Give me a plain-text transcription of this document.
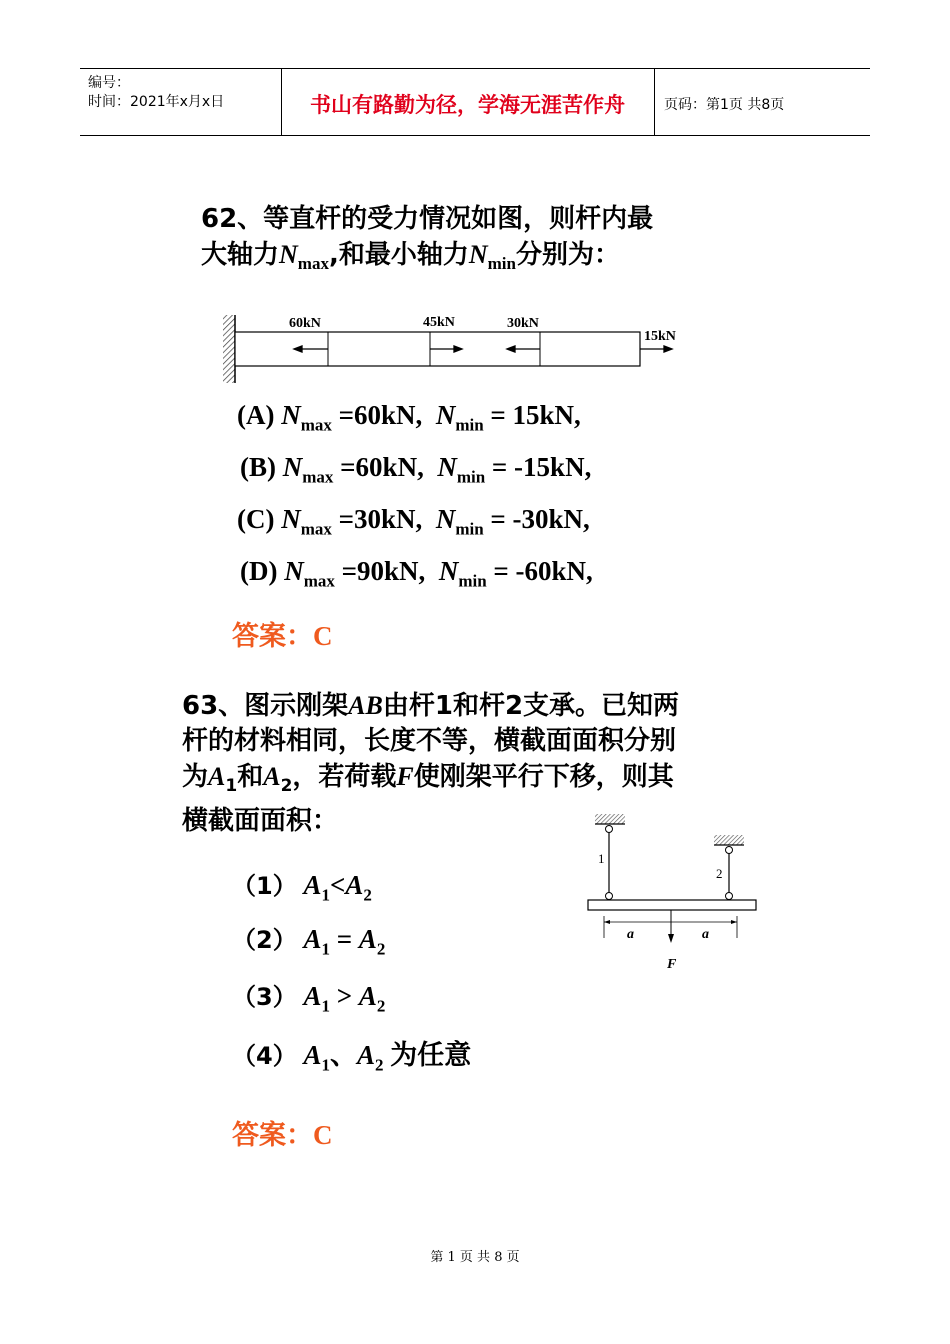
编号：
时间：2021年x月x日	书山有路勤为径，学海无涯苦作舟	页码：第1页 共8页
62、等直杆的受力情况如图，则杆内最
大轴力$N_{max}$,和最小轴力$N_{min}$分别为：
60kN	45kN	30kN
15kN
(A) $N_{max} =60kN$, $N_{min} = 15kN$,
(B) $N_{max} =60kN$, $N_{min} = -15kN$,
(C) $N_{max} =30kN$, $N_{min} = -30kN$,
(D) $N_{max} =90kN$, $N_{min} = -60kN$,
答案：C
63、图示刚架AB由杆1和杆2支承。已知两
杆的材料相同，长度不等，横截面面积分别
为$A_1$和$A_2$，若荷载F使刚架平行下移，则其
横截面面积：
1
2
a	a
F
（1） $A_1<A_2$
（2） $A_1 = A_2$
（3） $A_1 > A_2$
（4） $A_1$、$A_2$ 为任意
答案：C
第 1 页 共 8 页
